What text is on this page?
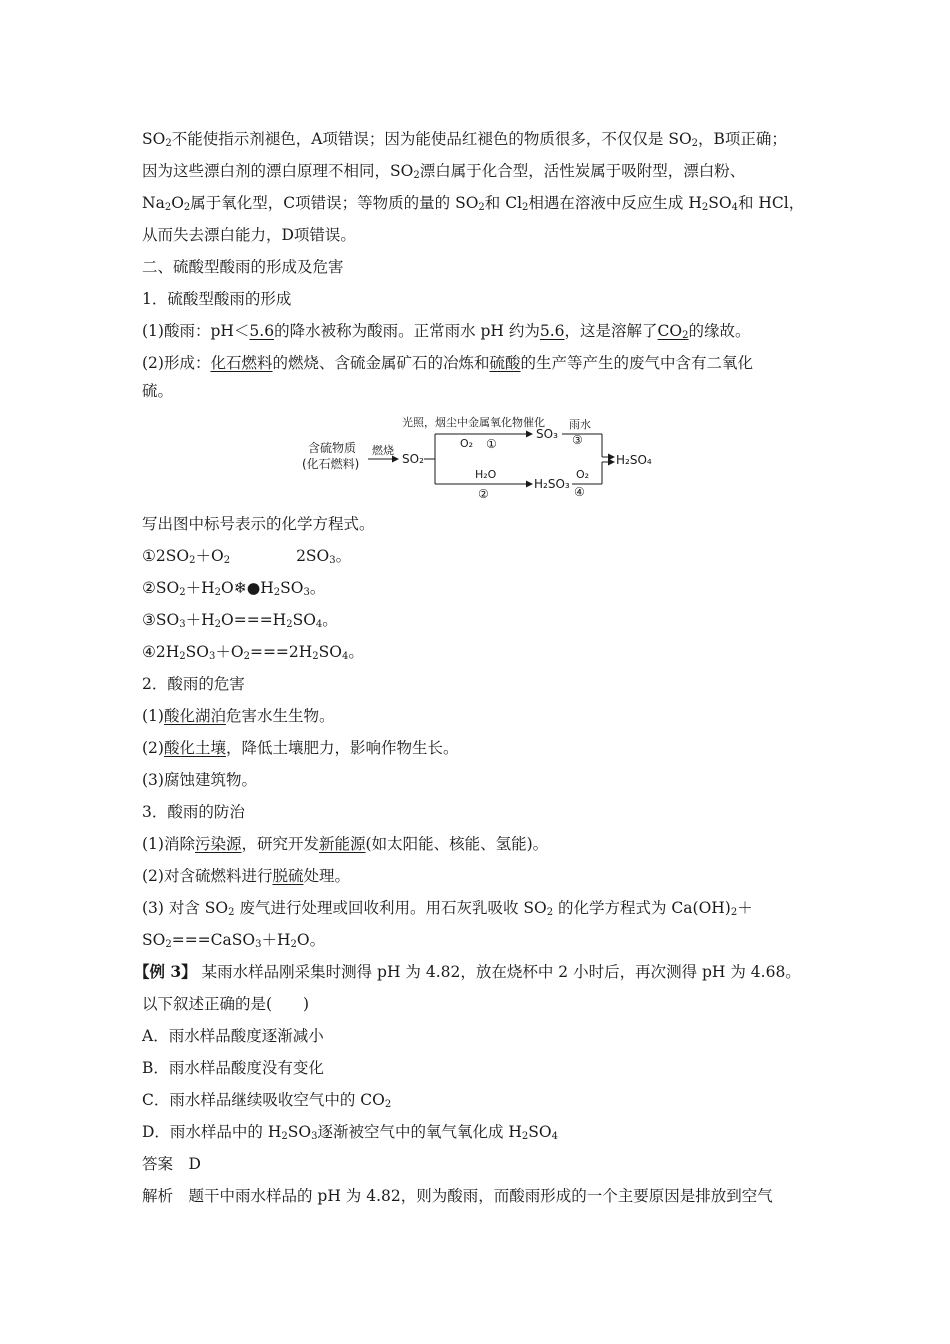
$SO_2$不能使指示剂褪色，A项错误；因为能使品红褪色的物质很多，不仅仅是 $SO_2$，B项正确；
因为这些漂白剂的漂白原理不相同，$SO_2$漂白属于化合型，活性炭属于吸附型，漂白粉、
$Na_2O_2$属于氧化型，C项错误；等物质的量的 $SO_2$和 $Cl_2$相遇在溶液中反应生成 $H_2SO_4$和 HCl，
从而失去漂白能力，D项错误。
二、硫酸型酸雨的形成及危害
1．硫酸型酸雨的形成
(1)酸雨：pH＜5.6的降水被称为酸雨。正常雨水 pH 约为5.6，这是溶解了$CO_2$的缘故。
(2)形成：化石燃料的燃烧、含硫金属矿石的冶炼和硫酸的生产等产生的废气中含有二氧化
硫。
光照，烟尘中金属氧化物催化
含硫物质
(化石燃料)
燃烧
SO₂
O₂ ①
SO₃
H₂O
②
H₂SO₃
雨水
③
O₂
④
H₂SO₄
写出图中标号表示的化学方程式。
$①2SO_2+O_2$	$2SO_3$。
$②SO_2+H_2O❄●H_2SO_3$。
$③SO_3+H_2O===H_2SO_4$。
$④2H_2SO_3+O_2===2H_2SO_4$。
2．酸雨的危害
(1)酸化湖泊危害水生生物。
(2)酸化土壤，降低土壤肥力，影响作物生长。
(3)腐蚀建筑物。
3．酸雨的防治
(1)消除污染源，研究开发新能源(如太阳能、核能、氢能)。
(2)对含硫燃料进行脱硫处理。
(3) 对含 $SO_2$ 废气进行处理或回收利用。用石灰乳吸收 $SO_2$ 的化学方程式为 $Ca(OH)_2+$
$SO_2===CaSO_3+H_2O$。
【例 3】 某雨水样品刚采集时测得 pH 为 4.82，放在烧杯中 2 小时后，再次测得 pH 为 4.68。
以下叙述正确的是(　　)
A．雨水样品酸度逐渐减小
B．雨水样品酸度没有变化
C．雨水样品继续吸收空气中的 $CO_2$
D．雨水样品中的 $H_2SO_3$逐渐被空气中的氧气氧化成 $H_2SO_4$
答案　D
解析　题干中雨水样品的 pH 为 4.82，则为酸雨，而酸雨形成的一个主要原因是排放到空气
